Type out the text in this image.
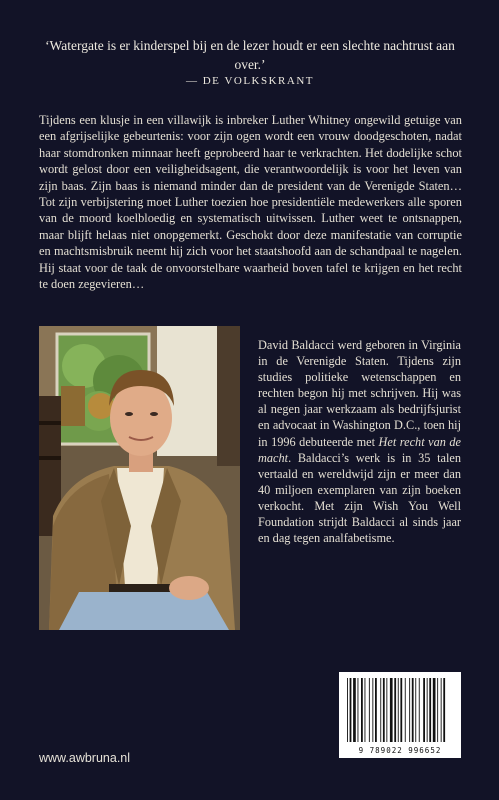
‘Watergate is er kinderspel bij en de lezer houdt er een slechte nachtrust aan over.’
— DE VOLKSKRANT

Tijdens een klusje in een villawijk is inbreker Luther Whitney ongewild getuige van een afgrijselijke gebeurtenis: voor zijn ogen wordt een vrouw doodgeschoten, nadat haar stomdronken minnaar heeft geprobeerd haar te verkrachten. Het dodelijke schot wordt gelost door een veiligheidsagent, die verantwoordelijk is voor het leven van zijn baas. Zijn baas is niemand minder dan de president van de Verenigde Staten… Tot zijn verbijstering moet Luther toezien hoe presidentiële medewerkers alle sporen van de moord koelbloedig en systematisch uitwissen. Luther weet te ontsnappen, maar blijft helaas niet onopgemerkt. Geschokt door deze manifestatie van corruptie en machtsmisbruik neemt hij zich voor het staatshoofd aan de schandpaal te nagelen. Hij staat voor de taak de onvoorstelbare waarheid boven tafel te krijgen en het recht te doen zegevieren…

David Baldacci werd geboren in Virginia in de Verenigde Staten. Tijdens zijn studies politieke wetenschappen en rechten begon hij met schrijven. Hij was al negen jaar werkzaam als bedrijfsjurist en advocaat in Washington D.C., toen hij in 1996 debuteerde met Het recht van de macht. Baldacci’s werk is in 35 talen vertaald en wereldwijd zijn er meer dan 40 miljoen exemplaren van zijn boeken verkocht. Met zijn Wish You Well Foundation strijdt Baldacci al sinds jaar en dag tegen analfabetisme.

9 789022 996652
www.awbruna.nl
